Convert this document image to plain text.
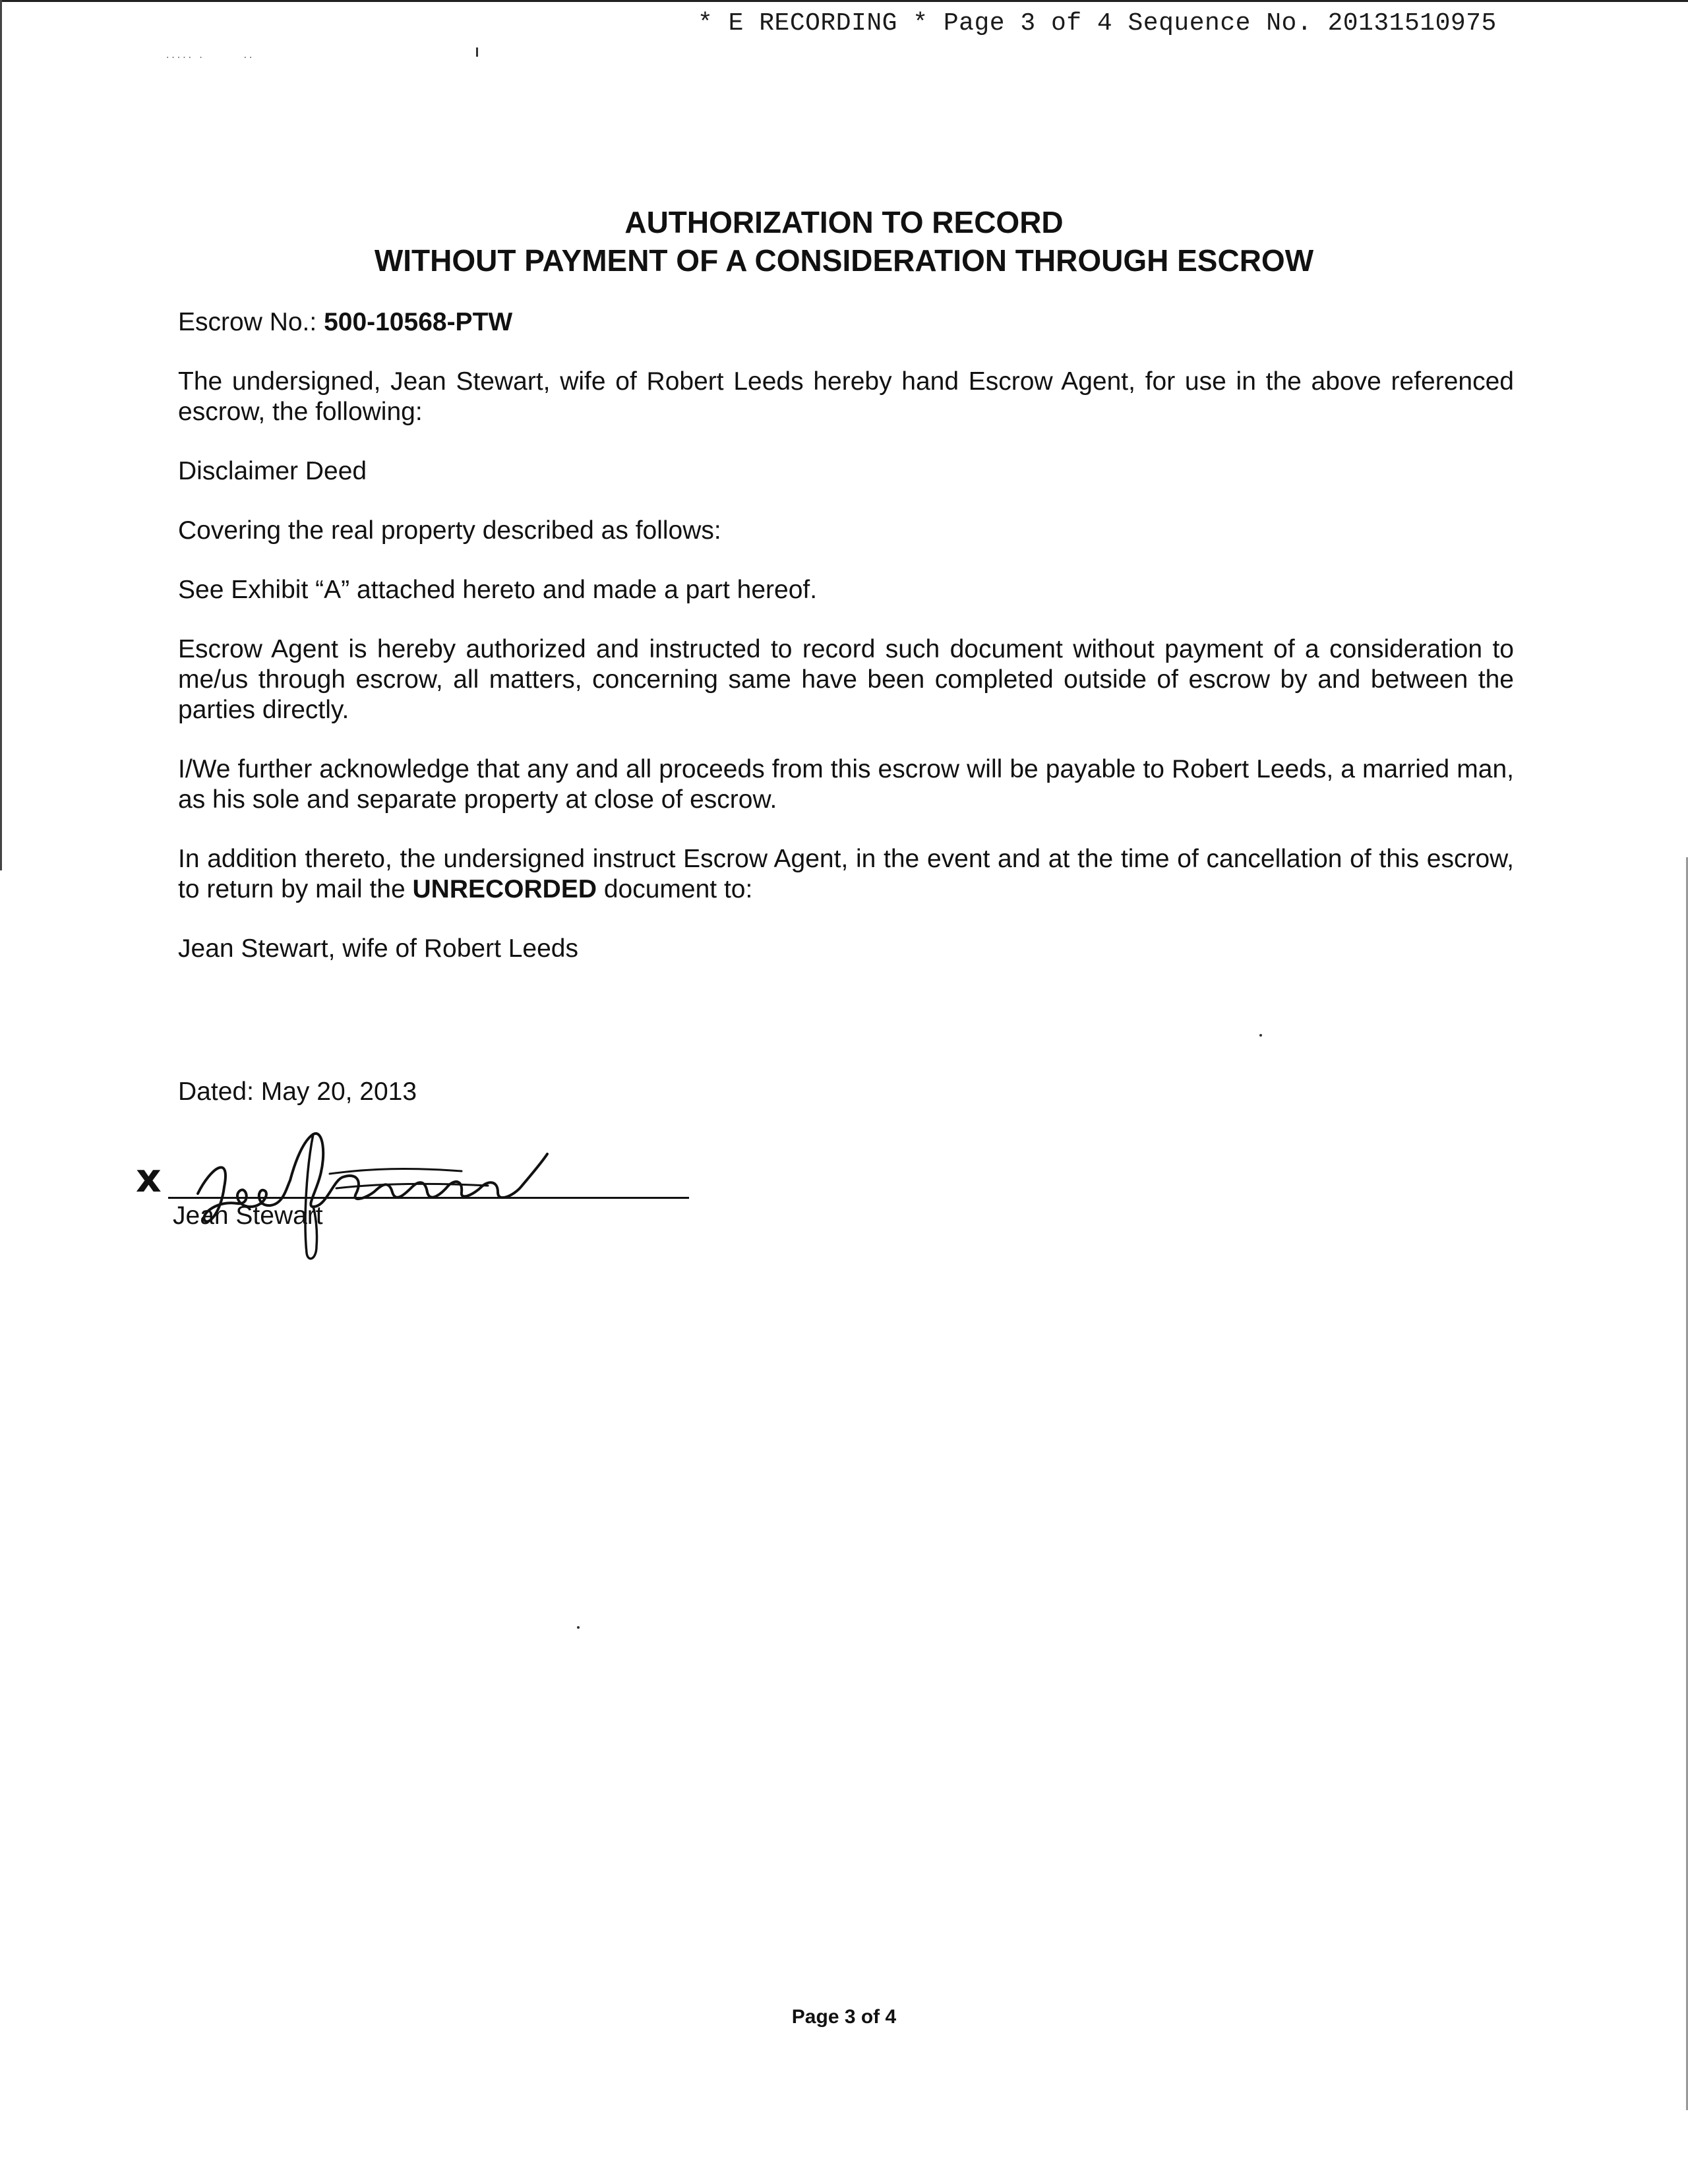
* E RECORDING * Page 3 of 4 Sequence No. 20131510975
····· ·       ··
AUTHORIZATION TO RECORD
WITHOUT PAYMENT OF A CONSIDERATION THROUGH ESCROW

Escrow No.: 500-10568-PTW

The undersigned, Jean Stewart, wife of Robert Leeds hereby hand Escrow Agent, for use in the above referenced escrow, the following:

Disclaimer Deed

Covering the real property described as follows:

See Exhibit “A” attached hereto and made a part hereof.

Escrow Agent is hereby authorized and instructed to record such document without payment of a consideration to me/us through escrow, all matters, concerning same have been completed outside of escrow by and between the parties directly.

I/We further acknowledge that any and all proceeds from this escrow will be payable to Robert Leeds, a married man, as his sole and separate property at close of escrow.

In addition thereto, the undersigned instruct Escrow Agent, in the event and at the time of cancellation of this escrow, to return by mail the UNRECORDED document to:

Jean Stewart, wife of Robert Leeds

Dated: May 20, 2013
x
Jean Stewart
Page 3 of 4
